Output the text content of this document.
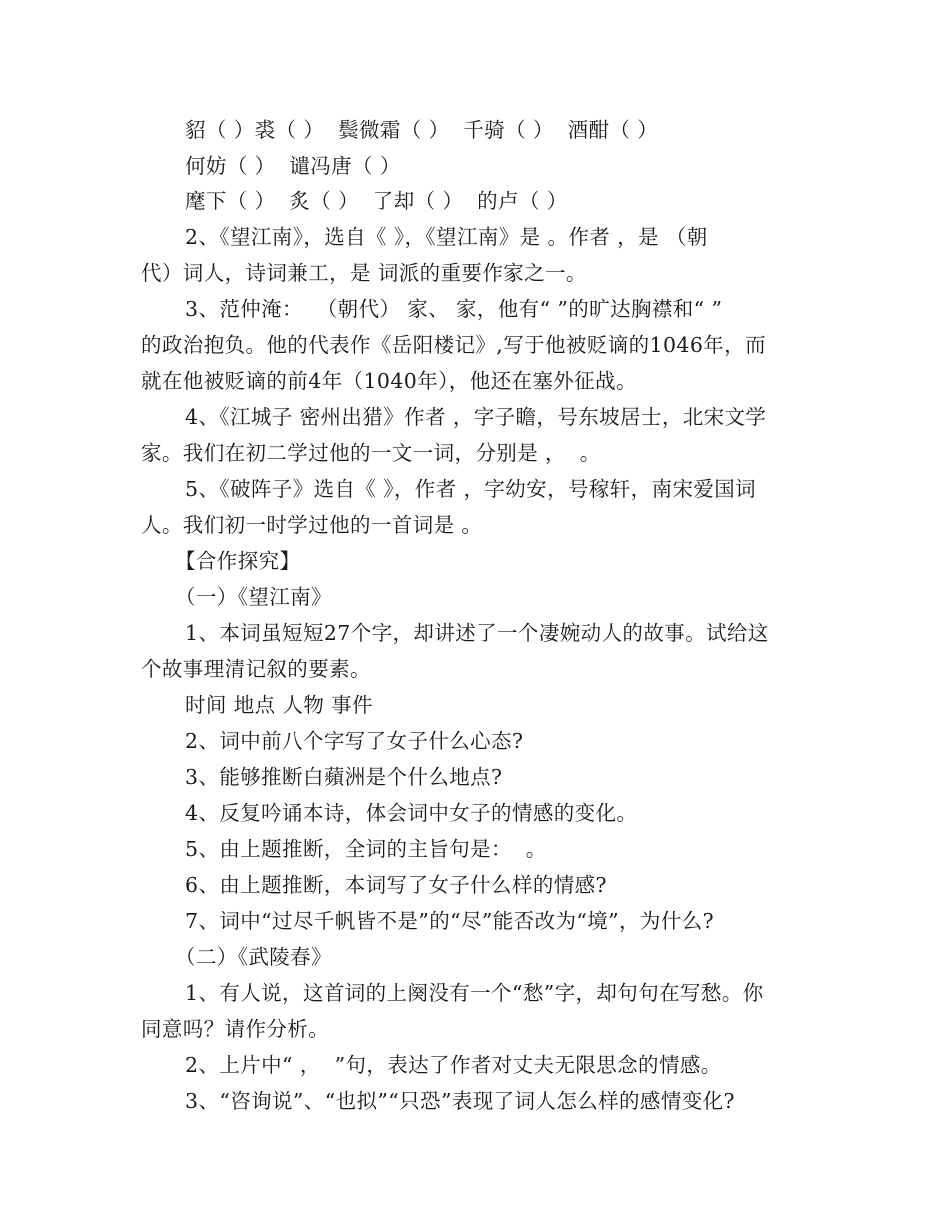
貂（ ）裘（ ）  鬓微霜（ ）  千骑（ ）  酒酣（ ）

何妨（ ）  谴冯唐（ ）

麾下（ ）  炙（ ）  了却（ ）  的卢（ ）

2、《望江南》，选自《 》，《望江南》是 。作者 ，是 （朝

代）词人，诗词兼工，是 词派的重要作家之一。

3、范仲淹：  （朝代） 家、 家，他有“ ”的旷达胸襟和“ ”

的政治抱负。他的代表作《岳阳楼记》,写于他被贬谪的1046年，而

就在他被贬谪的前4年（1040年），他还在塞外征战。

4、《江城子 密州出猎》作者 ，字子瞻，号东坡居士，北宋文学

家。我们在初二学过他的一文一词，分别是 ，  。

5、《破阵子》选自《 》，作者 ，字幼安，号稼轩，南宋爱国词

人。我们初一时学过他的一首词是 。

【合作探究】

（一）《望江南》

1、本词虽短短27个字，却讲述了一个凄婉动人的故事。试给这

个故事理清记叙的要素。

时间 地点 人物 事件

2、词中前八个字写了女子什么心态?

3、能够推断白蘋洲是个什么地点?

4、反复吟诵本诗，体会词中女子的情感的变化。

5、由上题推断，全词的主旨句是：  。

6、由上题推断，本词写了女子什么样的情感?

7、词中“过尽千帆皆不是”的“尽”能否改为“境”，为什么?

（二）《武陵春》

1、有人说，这首词的上阕没有一个“愁”字，却句句在写愁。你

同意吗？请作分析。

2、上片中“ ，  ”句，表达了作者对丈夫无限思念的情感。

3、“咨询说”、“也拟”“只恐”表现了词人怎么样的感情变化?
